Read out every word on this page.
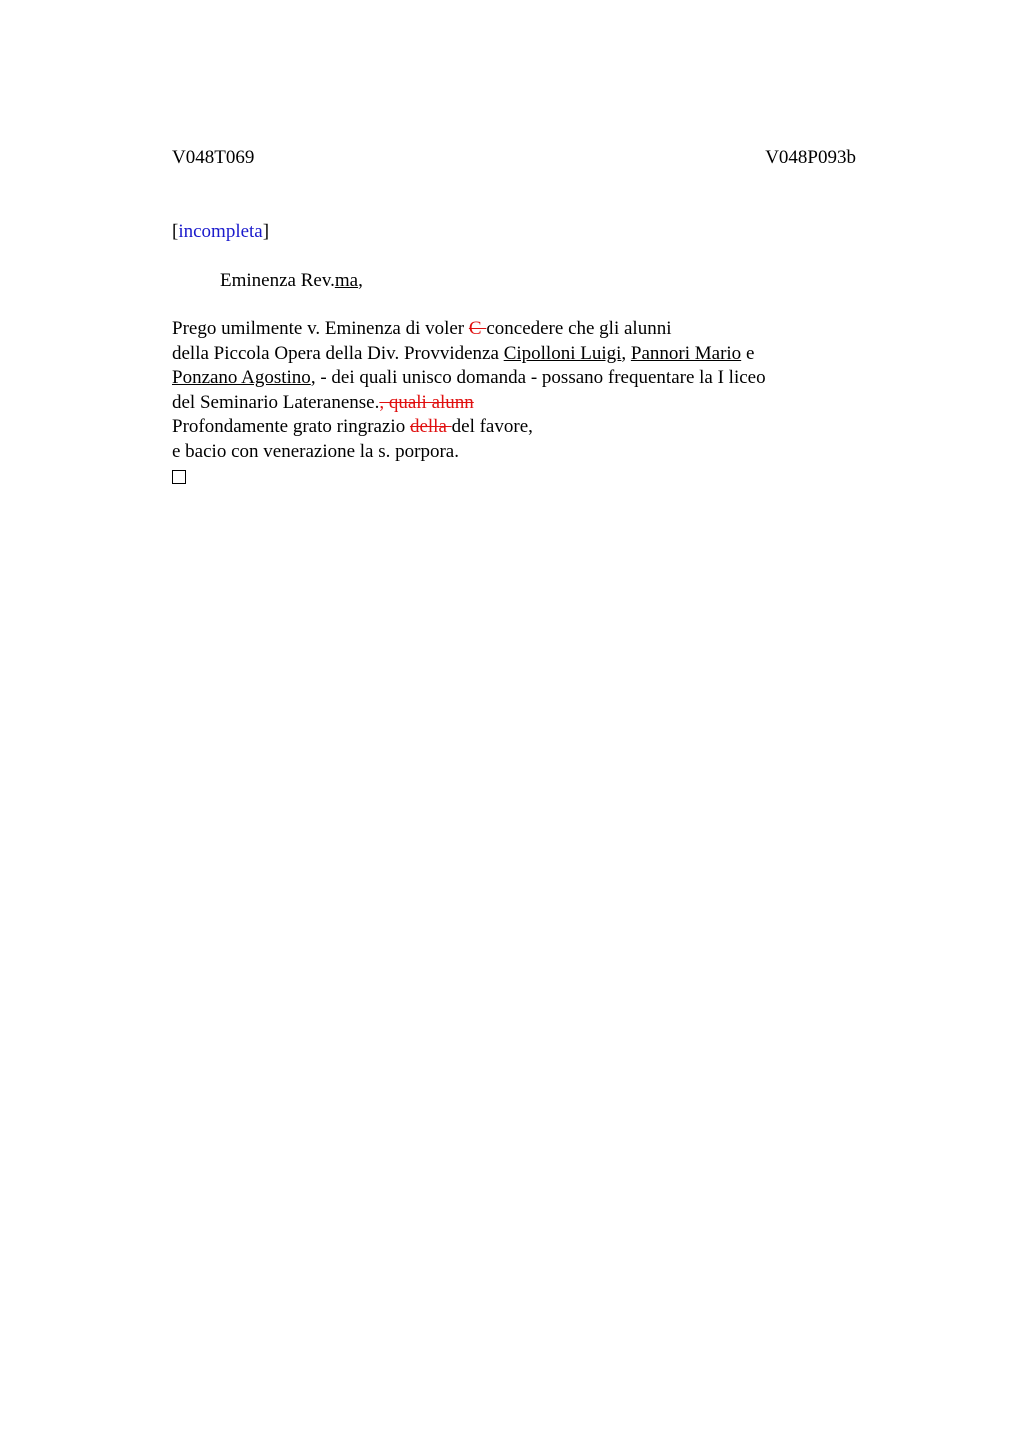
V048T069	V048P093b
[incompleta]
Eminenza Rev.ma,

Prego umilmente v. Eminenza di voler C concedere che gli alunni

della Piccola Opera della Div. Provvidenza Cipolloni Luigi, Pannori Mario e

Ponzano Agostino, - dei quali unisco domanda - possano frequentare la I liceo

del Seminario Lateranense., quali alunn

Profondamente grato ringrazio della del favore,

e bacio con venerazione la s. porpora.
